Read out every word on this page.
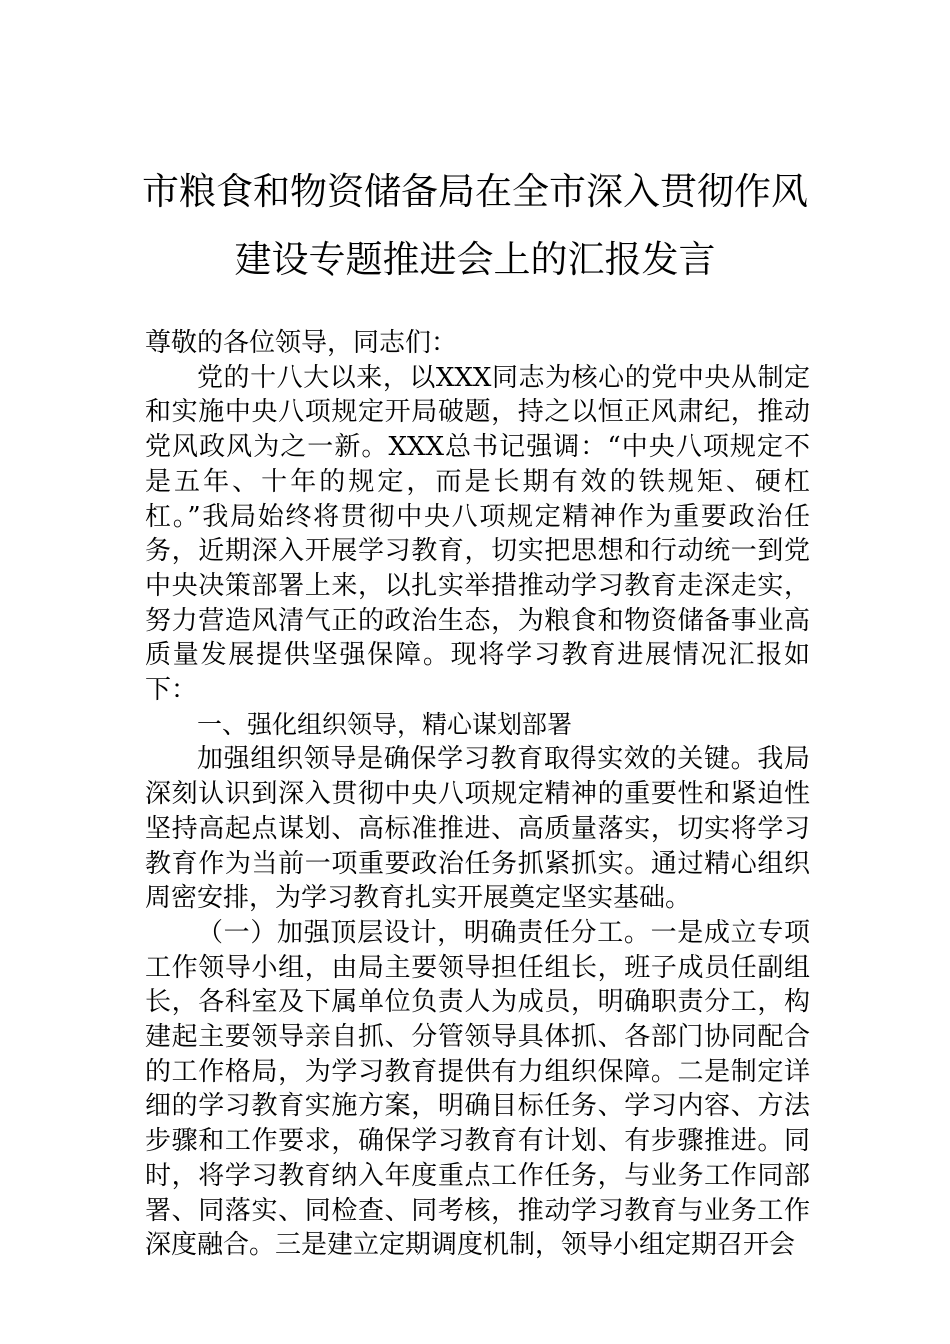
市粮食和物资储备局在全市深入贯彻作风
建设专题推进会上的汇报发言

尊敬的各位领导，同志们：

党的十八大以来，以XXX同志为核心的党中央从制定和实施中央八项规定开局破题，持之以恒正风肃纪，推动党风政风为之一新。XXX总书记强调：“中央八项规定不是五年、十年的规定，而是长期有效的铁规矩、硬杠杠。”我局始终将贯彻中央八项规定精神作为重要政治任务，近期深入开展学习教育，切实把思想和行动统一到党中央决策部署上来，以扎实举措推动学习教育走深走实，努力营造风清气正的政治生态，为粮食和物资储备事业高质量发展提供坚强保障。现将学习教育进展情况汇报如下：

一、强化组织领导，精心谋划部署

加强组织领导是确保学习教育取得实效的关键。我局深刻认识到深入贯彻中央八项规定精神的重要性和紧迫性坚持高起点谋划、高标准推进、高质量落实，切实将学习教育作为当前一项重要政治任务抓紧抓实。通过精心组织周密安排，为学习教育扎实开展奠定坚实基础。

（一）加强顶层设计，明确责任分工。一是成立专项工作领导小组，由局主要领导担任组长，班子成员任副组长，各科室及下属单位负责人为成员，明确职责分工，构建起主要领导亲自抓、分管领导具体抓、各部门协同配合的工作格局，为学习教育提供有力组织保障。二是制定详细的学习教育实施方案，明确目标任务、学习内容、方法步骤和工作要求，确保学习教育有计划、有步骤推进。同时，将学习教育纳入年度重点工作任务，与业务工作同部署、同落实、同检查、同考核，推动学习教育与业务工作深度融合。三是建立定期调度机制，领导小组定期召开会
